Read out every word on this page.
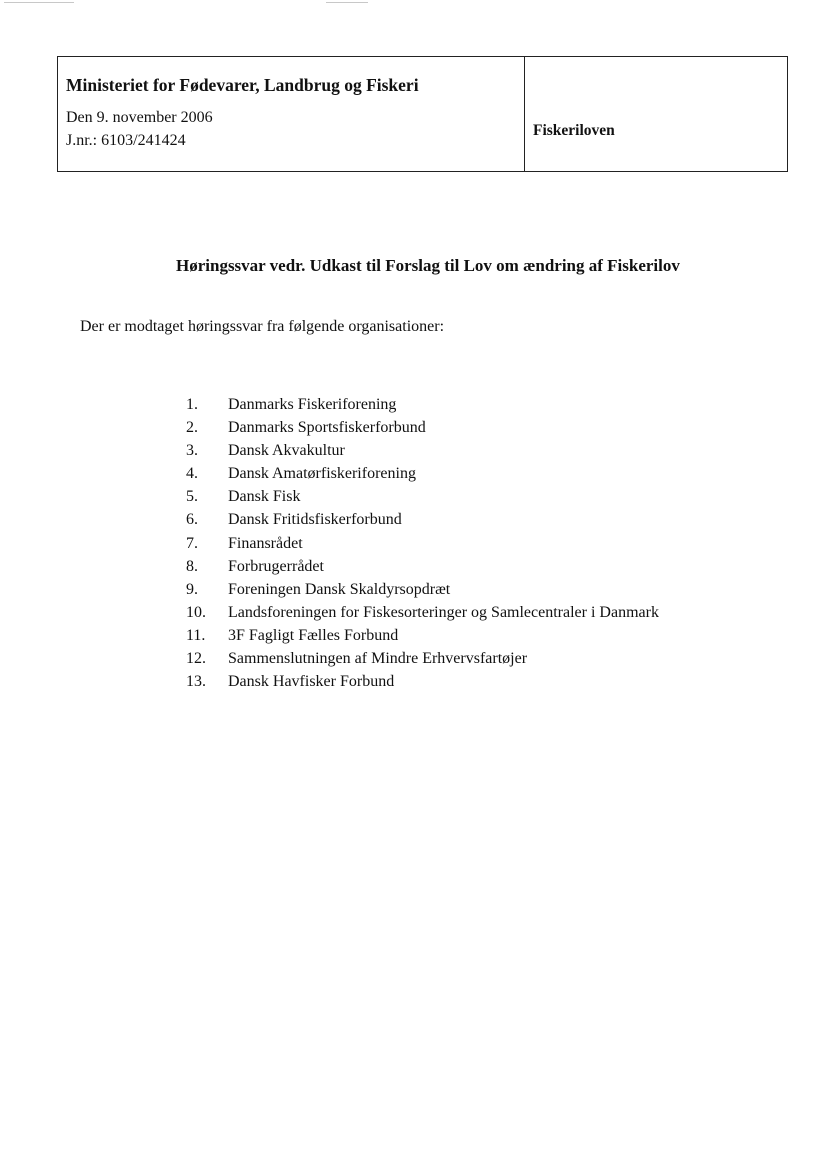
Ministeriet for Fødevarer, Landbrug og Fiskeri
Den 9. november 2006
J.nr.: 6103/241424
Fiskeriloven
Høringssvar vedr. Udkast til Forslag til Lov om ændring af Fiskerilov
Der er modtaget høringssvar fra følgende organisationer:
1.	Danmarks Fiskeriforening
2.	Danmarks Sportsfiskerforbund
3.	Dansk Akvakultur
4.	Dansk Amatørfiskeriforening
5.	Dansk Fisk
6.	Dansk Fritidsfiskerforbund
7.	Finansrådet
8.	Forbrugerrådet
9.	Foreningen Dansk Skaldyrsopdræt
10.	Landsforeningen for Fiskesorteringer og Samlecentraler i Danmark
11.	3F Fagligt Fælles Forbund
12.	Sammenslutningen af Mindre Erhvervsfartøjer
13.	Dansk Havfisker Forbund
